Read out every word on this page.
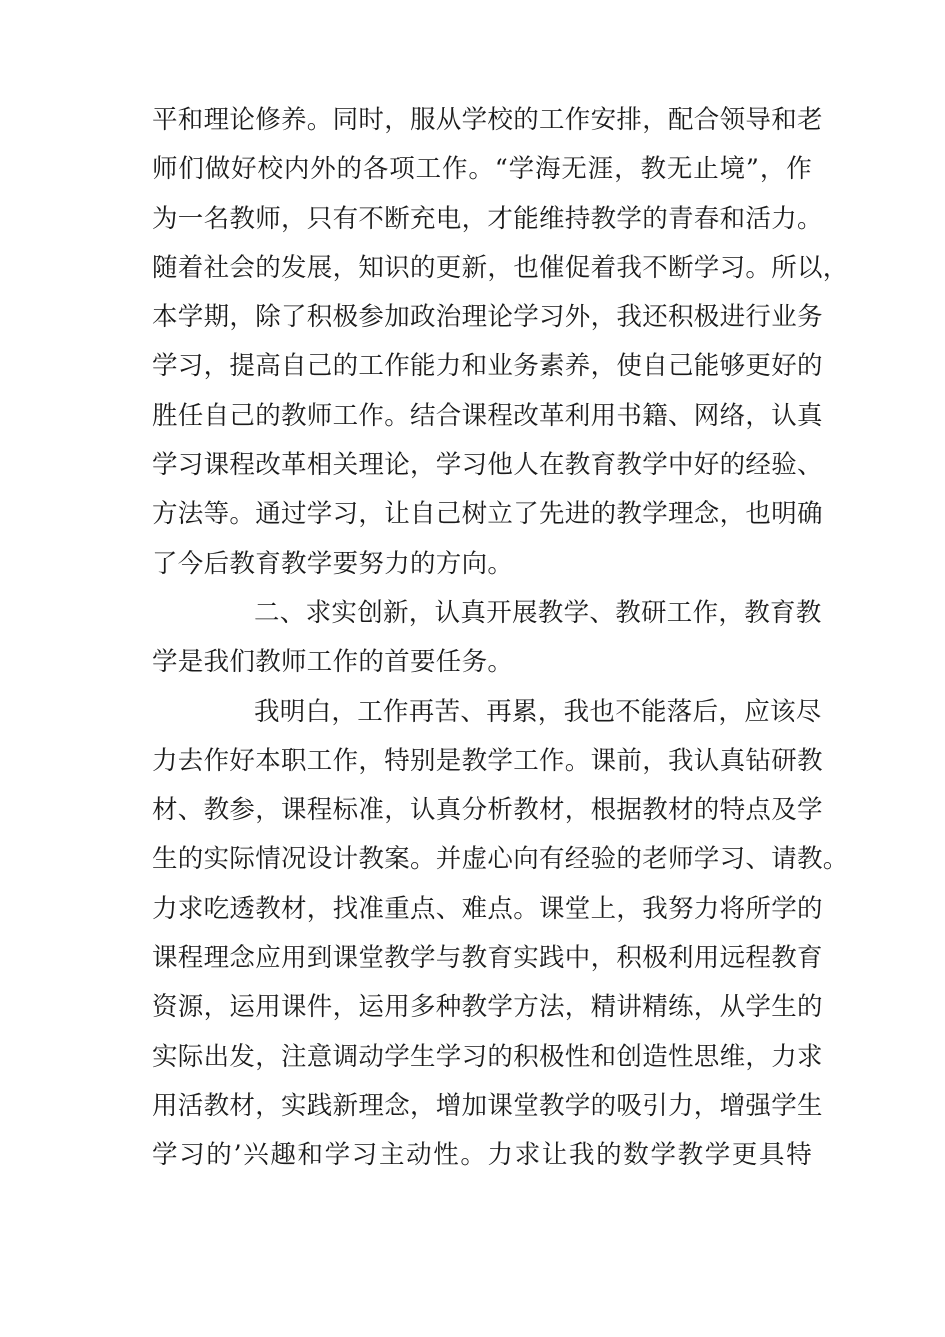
平和理论修养。同时，服从学校的工作安排，配合领导和老
师们做好校内外的各项工作。“学海无涯，教无止境”，作
为一名教师，只有不断充电，才能维持教学的青春和活力。
随着社会的发展，知识的更新，也催促着我不断学习。所以，
本学期，除了积极参加政治理论学习外，我还积极进行业务
学习，提高自己的工作能力和业务素养，使自己能够更好的
胜任自己的教师工作。结合课程改革利用书籍、网络，认真
学习课程改革相关理论，学习他人在教育教学中好的经验、
方法等。通过学习，让自己树立了先进的教学理念，也明确
了今后教育教学要努力的方向。
二、求实创新，认真开展教学、教研工作，教育教
学是我们教师工作的首要任务。
我明白，工作再苦、再累，我也不能落后，应该尽
力去作好本职工作，特别是教学工作。课前，我认真钻研教
材、教参，课程标准，认真分析教材，根据教材的特点及学
生的实际情况设计教案。并虚心向有经验的老师学习、请教。
力求吃透教材，找准重点、难点。课堂上，我努力将所学的
课程理念应用到课堂教学与教育实践中，积极利用远程教育
资源，运用课件，运用多种教学方法，精讲精练，从学生的
实际出发，注意调动学生学习的积极性和创造性思维，力求
用活教材，实践新理念，增加课堂教学的吸引力，增强学生
学习的’兴趣和学习主动性。力求让我的数学教学更具特
